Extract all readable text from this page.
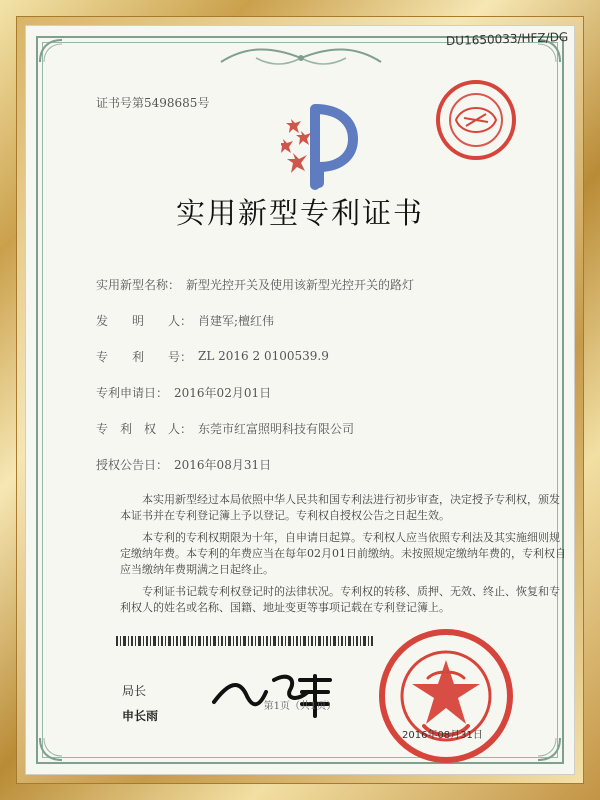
DU1650033/HFZ/DG
证书号第5498685号
实用新型专利证书
实用新型名称： 新型光控开关及使用该新型光控开关的路灯
发　　明　　人： 肖建军;檀红伟
专　　利　　号： ZL 2016 2 0100539.9
专利申请日： 2016年02月01日
专　利　权　人： 东莞市红富照明科技有限公司
授权公告日： 2016年08月31日

本实用新型经过本局依照中华人民共和国专利法进行初步审查，决定授予专利权，颁发本证书并在专利登记簿上予以登记。专利权自授权公告之日起生效。

本专利的专利权期限为十年，自申请日起算。专利权人应当依照专利法及其实施细则规定缴纳年费。本专利的年费应当在每年02月01日前缴纳。未按照规定缴纳年费的，专利权自应当缴纳年费期满之日起终止。

专利证书记载专利权登记时的法律状况。专利权的转移、质押、无效、终止、恢复和专利权人的姓名或名称、国籍、地址变更等事项记载在专利登记簿上。

局长
申长雨
2016年08月31日
第1页（共1页）
